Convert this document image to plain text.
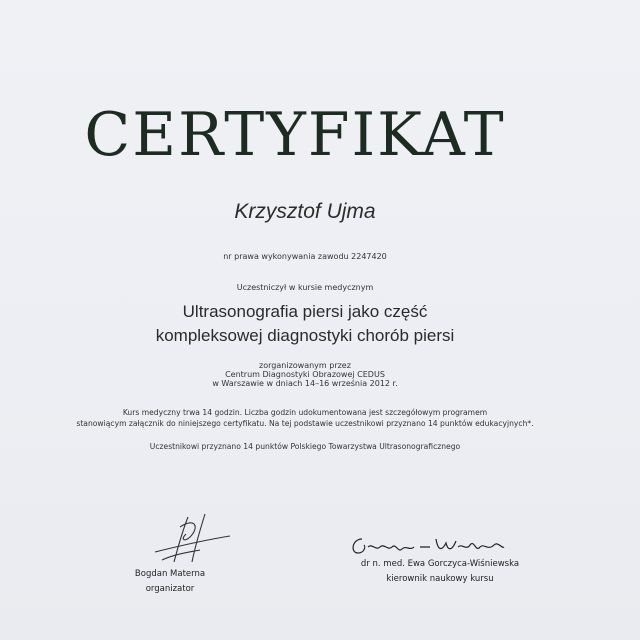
CERTYFIKAT
Krzysztof Ujma
nr prawa wykonywania zawodu 2247420
Uczestniczył w kursie medycznym
Ultrasonografia piersi jako część
kompleksowej diagnostyki chorób piersi
zorganizowanym przez
Centrum Diagnostyki Obrazowej CEDUS
w Warszawie w dniach 14–16 września 2012 r.
Kurs medyczny trwa 14 godzin. Liczba godzin udokumentowana jest szczegółowym programem
stanowiącym załącznik do niniejszego certyfikatu. Na tej podstawie uczestnikowi przyznano 14 punktów edukacyjnych*.
Uczestnikowi przyznano 14 punktów Polskiego Towarzystwa Ultrasonograficznego
Bogdan Materna
organizator
dr n. med. Ewa Gorczyca-Wiśniewska
kierownik naukowy kursu
